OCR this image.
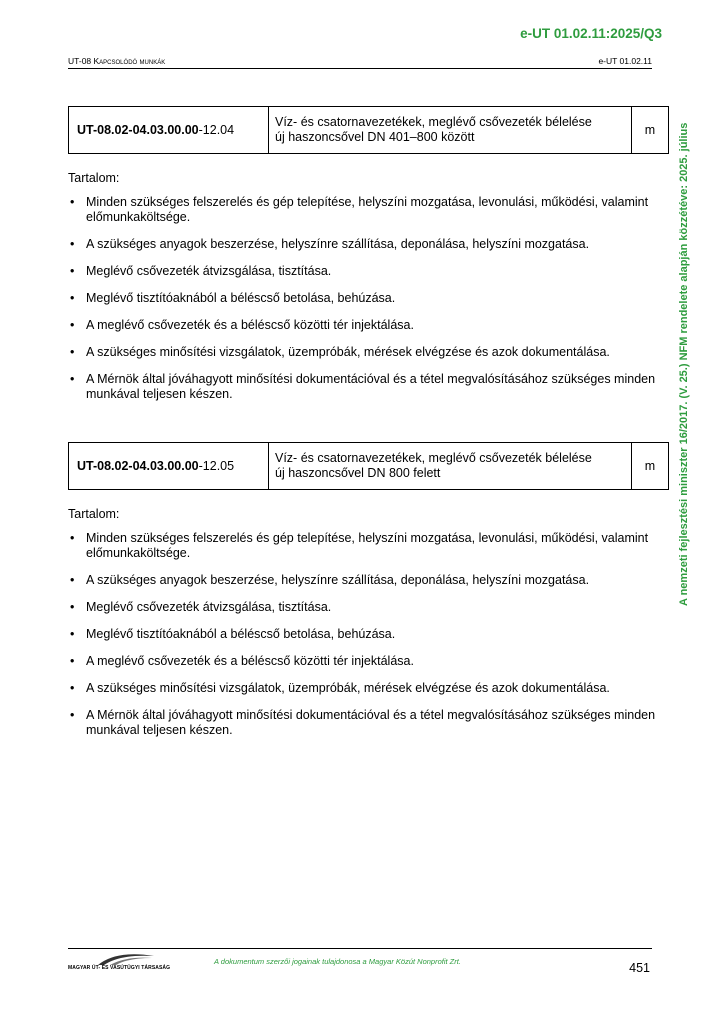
e-UT 01.02.11:2025/Q3
UT-08 Kapcsolódó munkák	e-UT 01.02.11
A nemzeti fejlesztési miniszter 16/2017. (V. 25.) NFM rendelete alapján közzétéve: 2025. július
UT-08.02-04.03.00.00-12.04	Víz- és csatornavezetékek, meglévő csővezeték bélelése
új haszoncsővel DN 401–800 között	m

Tartalom:

• Minden szükséges felszerelés és gép telepítése, helyszíni mozgatása, levonulási, működési, valamint előmunkaköltsége.
• A szükséges anyagok beszerzése, helyszínre szállítása, deponálása, helyszíni mozgatása.
• Meglévő csővezeték átvizsgálása, tisztítása.
• Meglévő tisztítóaknából a béléscső betolása, behúzása.
• A meglévő csővezeték és a béléscső közötti tér injektálása.
• A szükséges minősítési vizsgálatok, üzempróbák, mérések elvégzése és azok dokumentálása.
• A Mérnök által jóváhagyott minősítési dokumentációval és a tétel megvalósításához szükséges minden munkával teljesen készen.
UT-08.02-04.03.00.00-12.05	Víz- és csatornavezetékek, meglévő csővezeték bélelése
új haszoncsővel DN 800 felett	m

Tartalom:

• Minden szükséges felszerelés és gép telepítése, helyszíni mozgatása, levonulási, működési, valamint előmunkaköltsége.
• A szükséges anyagok beszerzése, helyszínre szállítása, deponálása, helyszíni mozgatása.
• Meglévő csővezeték átvizsgálása, tisztítása.
• Meglévő tisztítóaknából a béléscső betolása, behúzása.
• A meglévő csővezeték és a béléscső közötti tér injektálása.
• A szükséges minősítési vizsgálatok, üzempróbák, mérések elvégzése és azok dokumentálása.
• A Mérnök által jóváhagyott minősítési dokumentációval és a tétel megvalósításához szükséges minden munkával teljesen készen.
MAGYAR ÚT- ÉS VASÚTÜGYI TÁRSASÁG
A dokumentum szerzői jogainak tulajdonosa a Magyar Közút Nonprofit Zrt.	451
